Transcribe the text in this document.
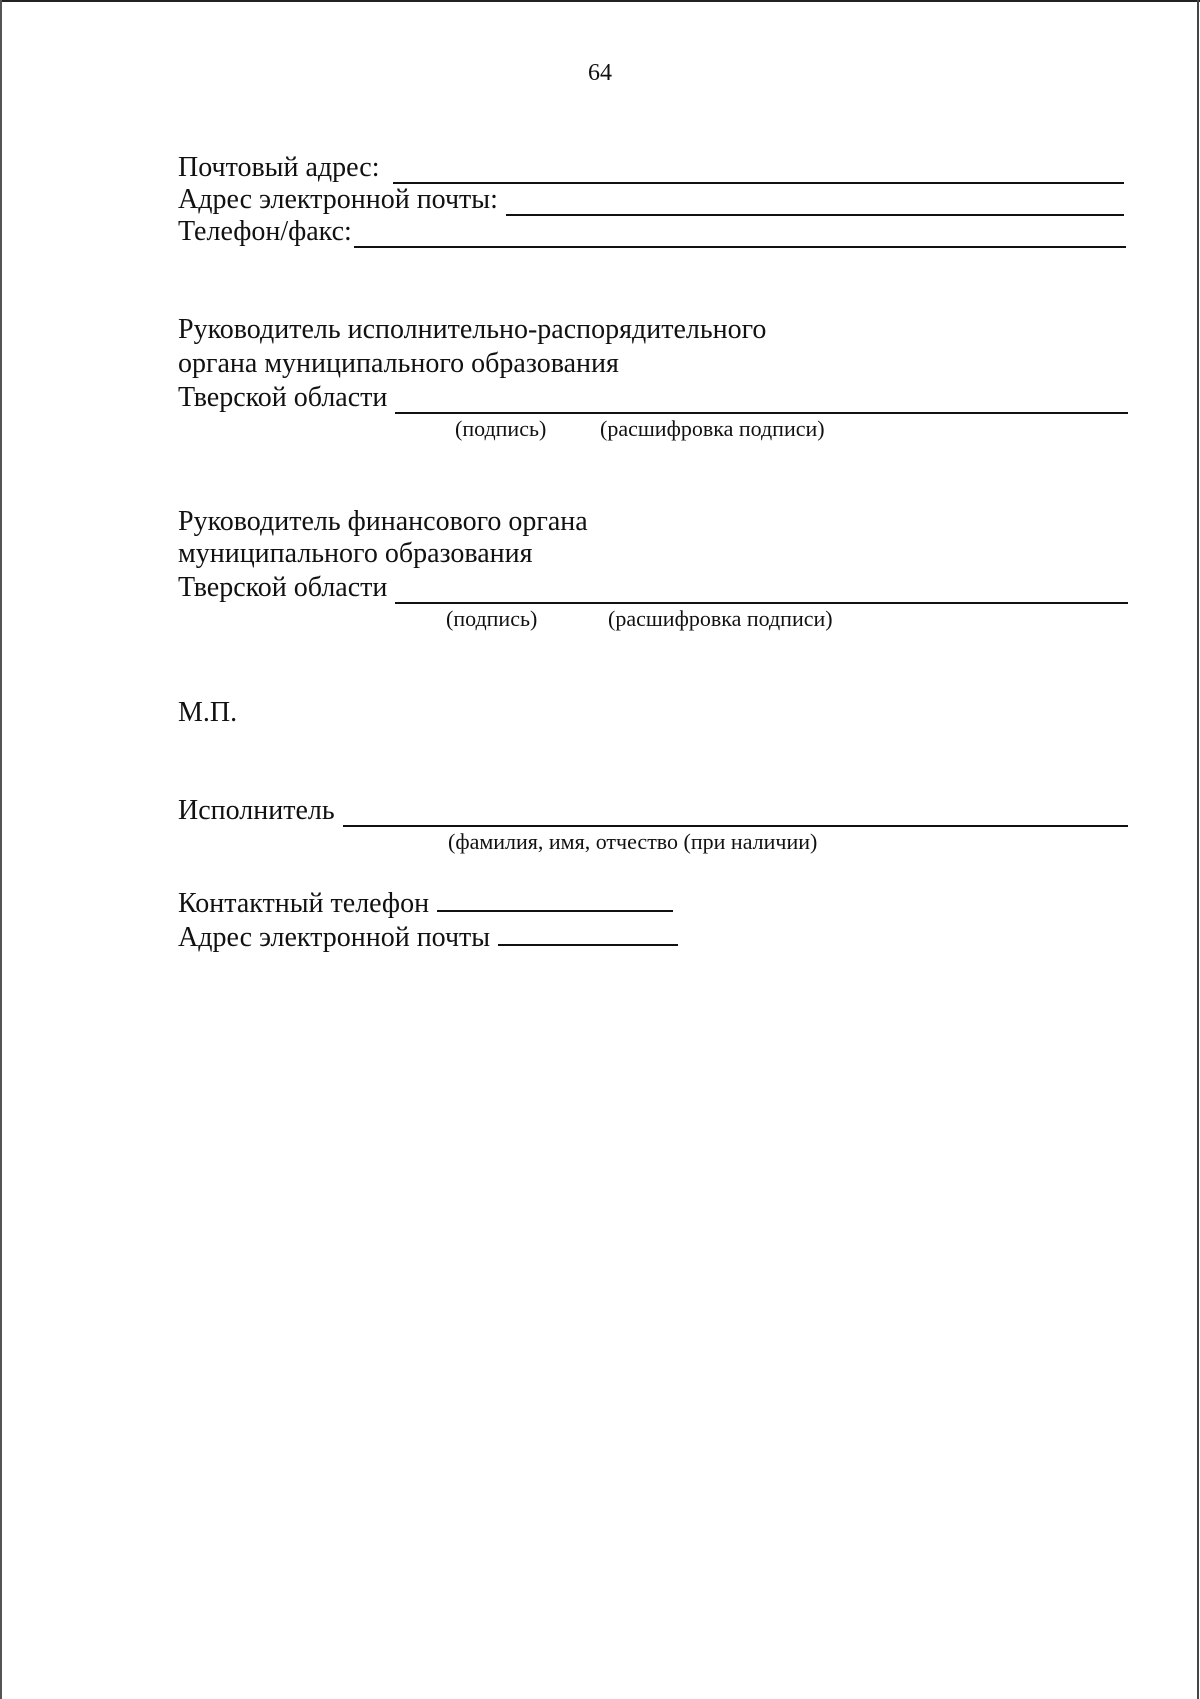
64
Почтовый адрес:
Адрес электронной почты:
Телефон/факс:
Руководитель исполнительно-распорядительного
органа муниципального образования
Тверской области
(подпись) (расшифровка подписи)
Руководитель финансового органа
муниципального образования
Тверской области
(подпись)	(расшифровка подписи)
М.П.
Исполнитель
(фамилия, имя, отчество (при наличии)
Контактный телефон
Адрес электронной почты
